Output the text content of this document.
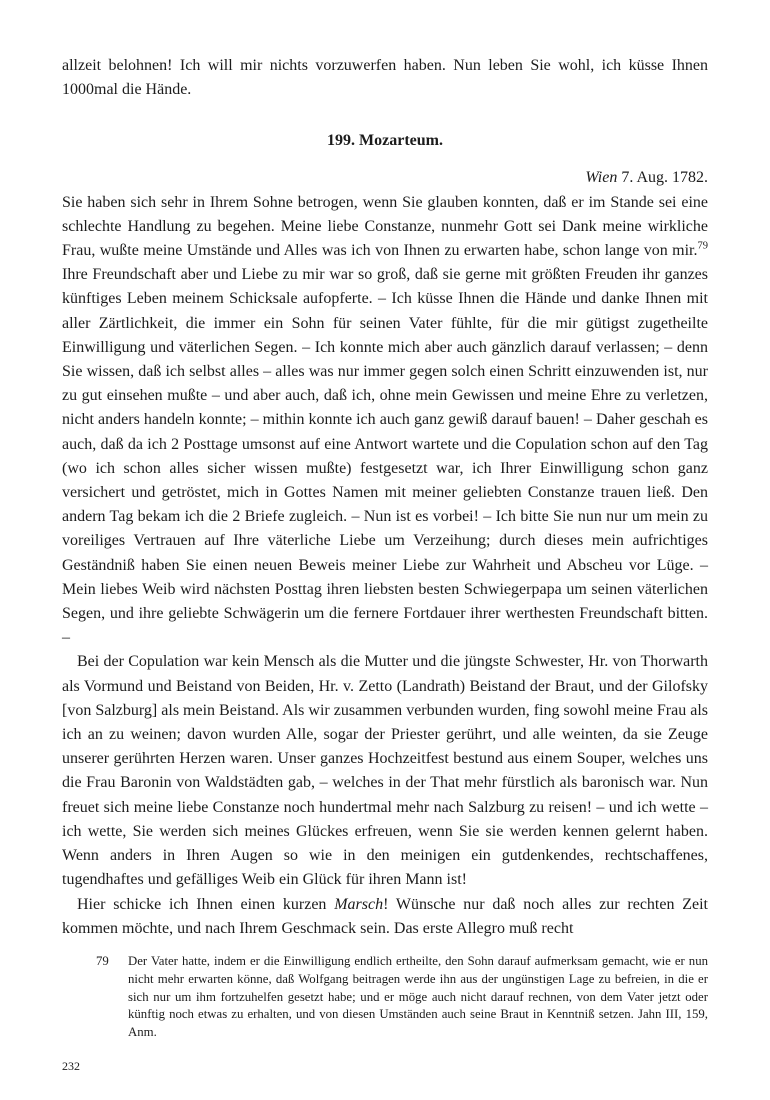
allzeit belohnen! Ich will mir nichts vorzuwerfen haben. Nun leben Sie wohl, ich küsse Ihnen 1000mal die Hände.

199. Mozarteum.

Wien 7. Aug. 1782.

Sie haben sich sehr in Ihrem Sohne betrogen, wenn Sie glauben konnten, daß er im Stande sei eine schlechte Handlung zu begehen. Meine liebe Constanze, nunmehr Gott sei Dank meine wirkliche Frau, wußte meine Umstände und Alles was ich von Ihnen zu erwarten habe, schon lange von mir.$^{79}$ Ihre Freundschaft aber und Liebe zu mir war so groß, daß sie gerne mit größten Freuden ihr ganzes künftiges Leben meinem Schicksale aufopferte. – Ich küsse Ihnen die Hände und danke Ihnen mit aller Zärtlichkeit, die immer ein Sohn für seinen Vater fühlte, für die mir gütigst zugetheilte Einwilligung und väterlichen Segen. – Ich konnte mich aber auch gänzlich darauf verlassen; – denn Sie wissen, daß ich selbst alles – alles was nur immer gegen solch einen Schritt einzuwenden ist, nur zu gut einsehen mußte – und aber auch, daß ich, ohne mein Gewissen und meine Ehre zu verletzen, nicht anders handeln konnte; – mithin konnte ich auch ganz gewiß darauf bauen! – Daher geschah es auch, daß da ich 2 Posttage umsonst auf eine Antwort wartete und die Copulation schon auf den Tag (wo ich schon alles sicher wissen mußte) festgesetzt war, ich Ihrer Einwilligung schon ganz versichert und getröstet, mich in Gottes Namen mit meiner geliebten Constanze trauen ließ. Den andern Tag bekam ich die 2 Briefe zugleich. – Nun ist es vorbei! – Ich bitte Sie nun nur um mein zu voreiliges Vertrauen auf Ihre väterliche Liebe um Verzeihung; durch dieses mein aufrichtiges Geständniß haben Sie einen neuen Beweis meiner Liebe zur Wahrheit und Abscheu vor Lüge. – Mein liebes Weib wird nächsten Posttag ihren liebsten besten Schwiegerpapa um seinen väterlichen Segen, und ihre geliebte Schwägerin um die fernere Fortdauer ihrer werthesten Freundschaft bitten. –

Bei der Copulation war kein Mensch als die Mutter und die jüngste Schwester, Hr. von Thorwarth als Vormund und Beistand von Beiden, Hr. v. Zetto (Landrath) Beistand der Braut, und der Gilofsky [von Salzburg] als mein Beistand. Als wir zusammen verbunden wurden, fing sowohl meine Frau als ich an zu weinen; davon wurden Alle, sogar der Priester gerührt, und alle weinten, da sie Zeuge unserer gerührten Herzen waren. Unser ganzes Hochzeitfest bestund aus einem Souper, welches uns die Frau Baronin von Waldstädten gab, – welches in der That mehr fürstlich als baronisch war. Nun freuet sich meine liebe Constanze noch hundertmal mehr nach Salzburg zu reisen! – und ich wette – ich wette, Sie werden sich meines Glückes erfreuen, wenn Sie sie werden kennen gelernt haben. Wenn anders in Ihren Augen so wie in den meinigen ein gutdenkendes, rechtschaffenes, tugendhaftes und gefälliges Weib ein Glück für ihren Mann ist!

Hier schicke ich Ihnen einen kurzen Marsch! Wünsche nur daß noch alles zur rechten Zeit kommen möchte, und nach Ihrem Geschmack sein. Das erste Allegro muß recht

79	Der Vater hatte, indem er die Einwilligung endlich ertheilte, den Sohn darauf aufmerksam gemacht, wie er nun nicht mehr erwarten könne, daß Wolfgang beitragen werde ihn aus der ungünstigen Lage zu befreien, in die er sich nur um ihm fortzuhelfen gesetzt habe; und er möge auch nicht darauf rechnen, von dem Vater jetzt oder künftig noch etwas zu erhalten, und von diesen Umständen auch seine Braut in Kenntniß setzen. Jahn III, 159, Anm.
232
